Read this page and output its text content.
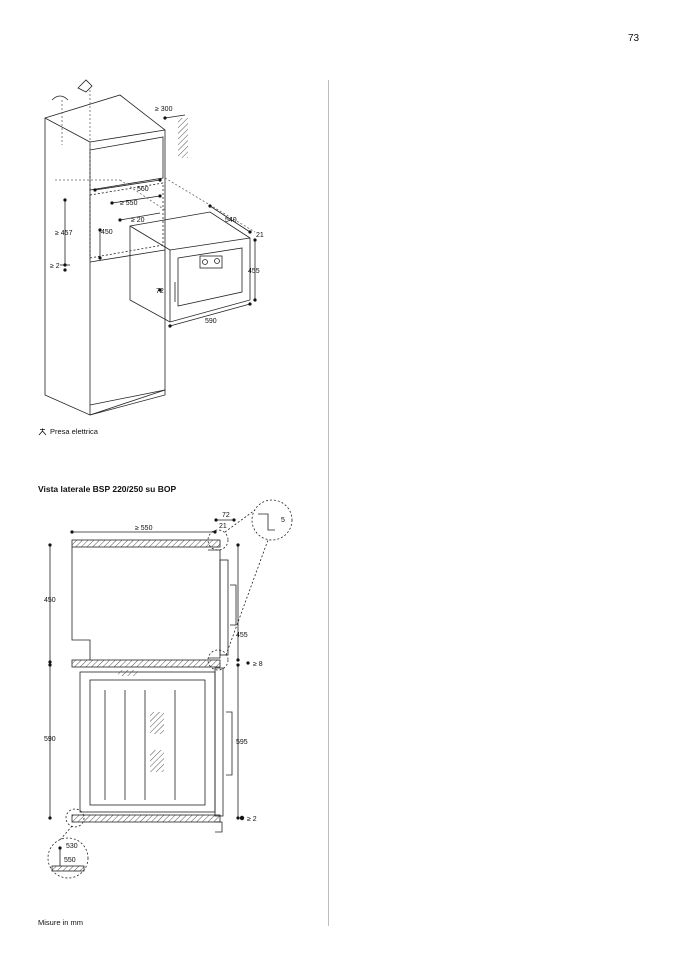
73
≥ 300
560
≥ 550
≥ 20
≥ 457	450
540
21
455
≥ 2
72
590
Presa elettrica
Vista laterale BSP 220/250 su BOP
≥ 550
72
21
5
450
455
≥ 8
590	595
≥ 2
530
550
Misure in mm
